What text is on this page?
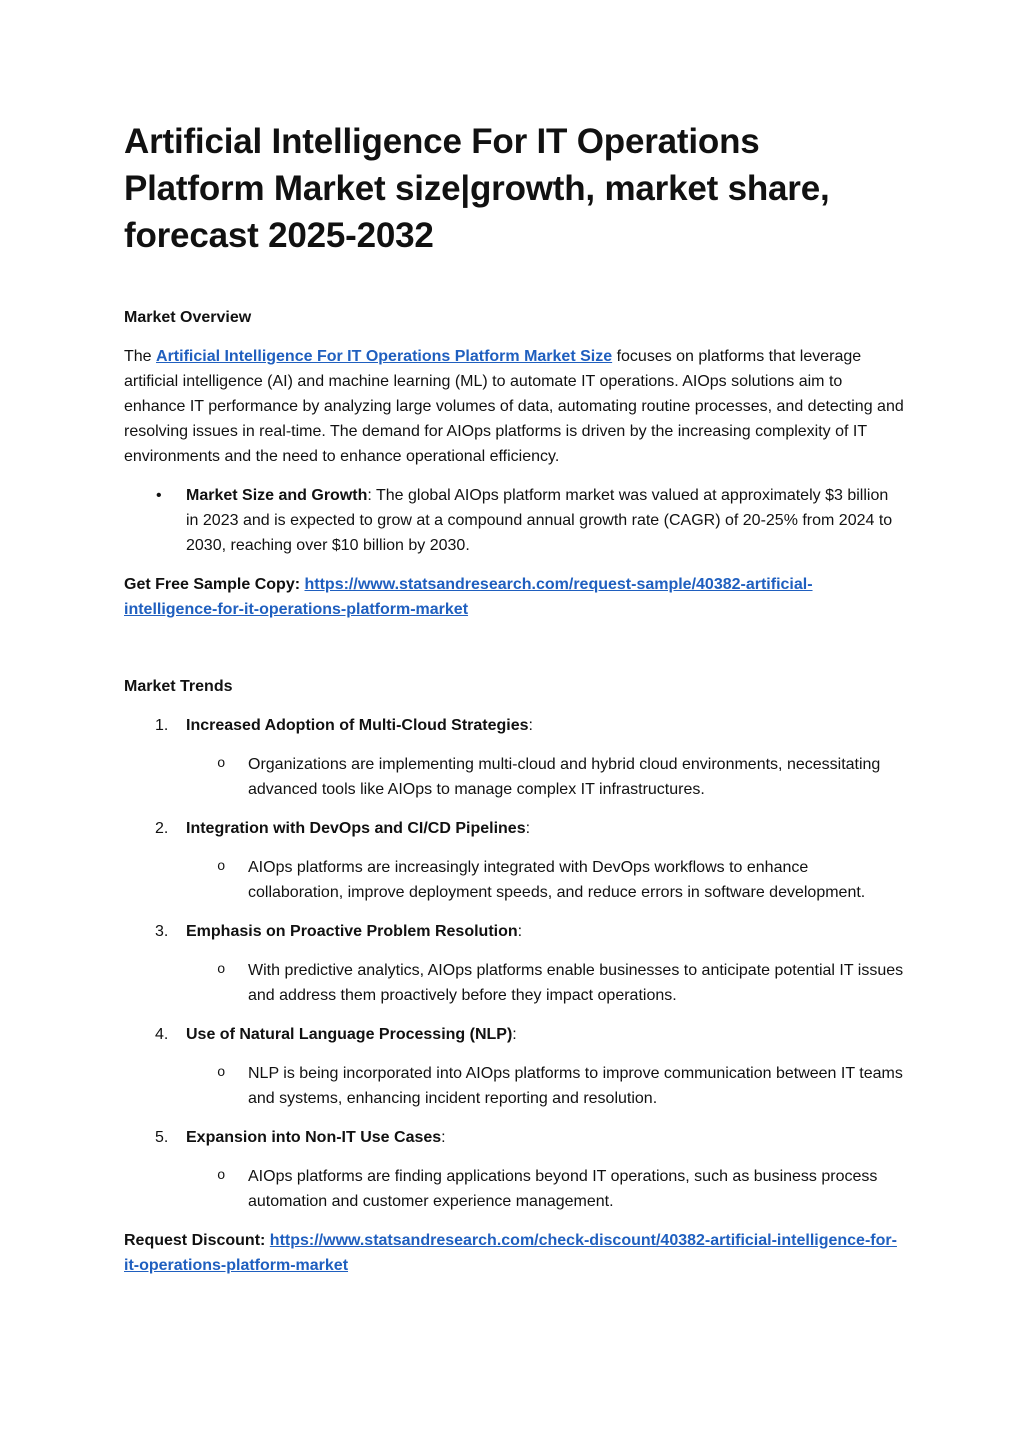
Artificial Intelligence For IT Operations Platform Market size|growth, market share, forecast 2025-2032
Market Overview

The Artificial Intelligence For IT Operations Platform Market Size focuses on platforms that leverage artificial intelligence (AI) and machine learning (ML) to automate IT operations. AIOps solutions aim to enhance IT performance by analyzing large volumes of data, automating routine processes, and detecting and resolving issues in real-time. The demand for AIOps platforms is driven by the increasing complexity of IT environments and the need to enhance operational efficiency.

• Market Size and Growth: The global AIOps platform market was valued at approximately $3 billion in 2023 and is expected to grow at a compound annual growth rate (CAGR) of 20-25% from 2024 to 2030, reaching over $10 billion by 2030.

Get Free Sample Copy: https://www.statsandresearch.com/request-sample/40382-artificial-intelligence-for-it-operations-platform-market

Market Trends
1. Increased Adoption of Multi-Cloud Strategies:
o Organizations are implementing multi-cloud and hybrid cloud environments, necessitating advanced tools like AIOps to manage complex IT infrastructures.
2. Integration with DevOps and CI/CD Pipelines:
o AIOps platforms are increasingly integrated with DevOps workflows to enhance collaboration, improve deployment speeds, and reduce errors in software development.
3. Emphasis on Proactive Problem Resolution:
o With predictive analytics, AIOps platforms enable businesses to anticipate potential IT issues and address them proactively before they impact operations.
4. Use of Natural Language Processing (NLP):
o NLP is being incorporated into AIOps platforms to improve communication between IT teams and systems, enhancing incident reporting and resolution.
5. Expansion into Non-IT Use Cases:
o AIOps platforms are finding applications beyond IT operations, such as business process automation and customer experience management.

Request Discount: https://www.statsandresearch.com/check-discount/40382-artificial-intelligence-for-it-operations-platform-market
